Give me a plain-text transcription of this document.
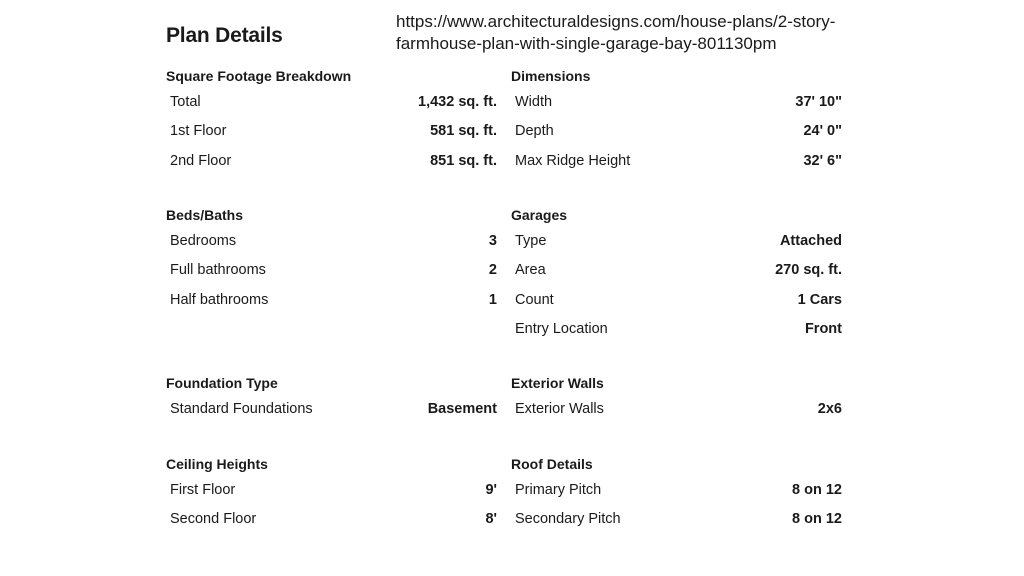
Plan Details
https://www.architecturaldesigns.com/house-plans/2-story-farmhouse-plan-with-single-garage-bay-801130pm
Square Footage Breakdown
Total	1,432 sq. ft.
1st Floor	581 sq. ft.
2nd Floor	851 sq. ft.
Dimensions
Width	37' 10"
Depth	24' 0"
Max Ridge Height	32' 6"
Beds/Baths
Bedrooms	3
Full bathrooms	2
Half bathrooms	1
Garages
Type	Attached
Area	270 sq. ft.
Count	1 Cars
Entry Location	Front
Foundation Type
Standard Foundations	Basement
Exterior Walls
Exterior Walls	2x6
Ceiling Heights
First Floor	9'
Second Floor	8'
Roof Details
Primary Pitch	8 on 12
Secondary Pitch	8 on 12
